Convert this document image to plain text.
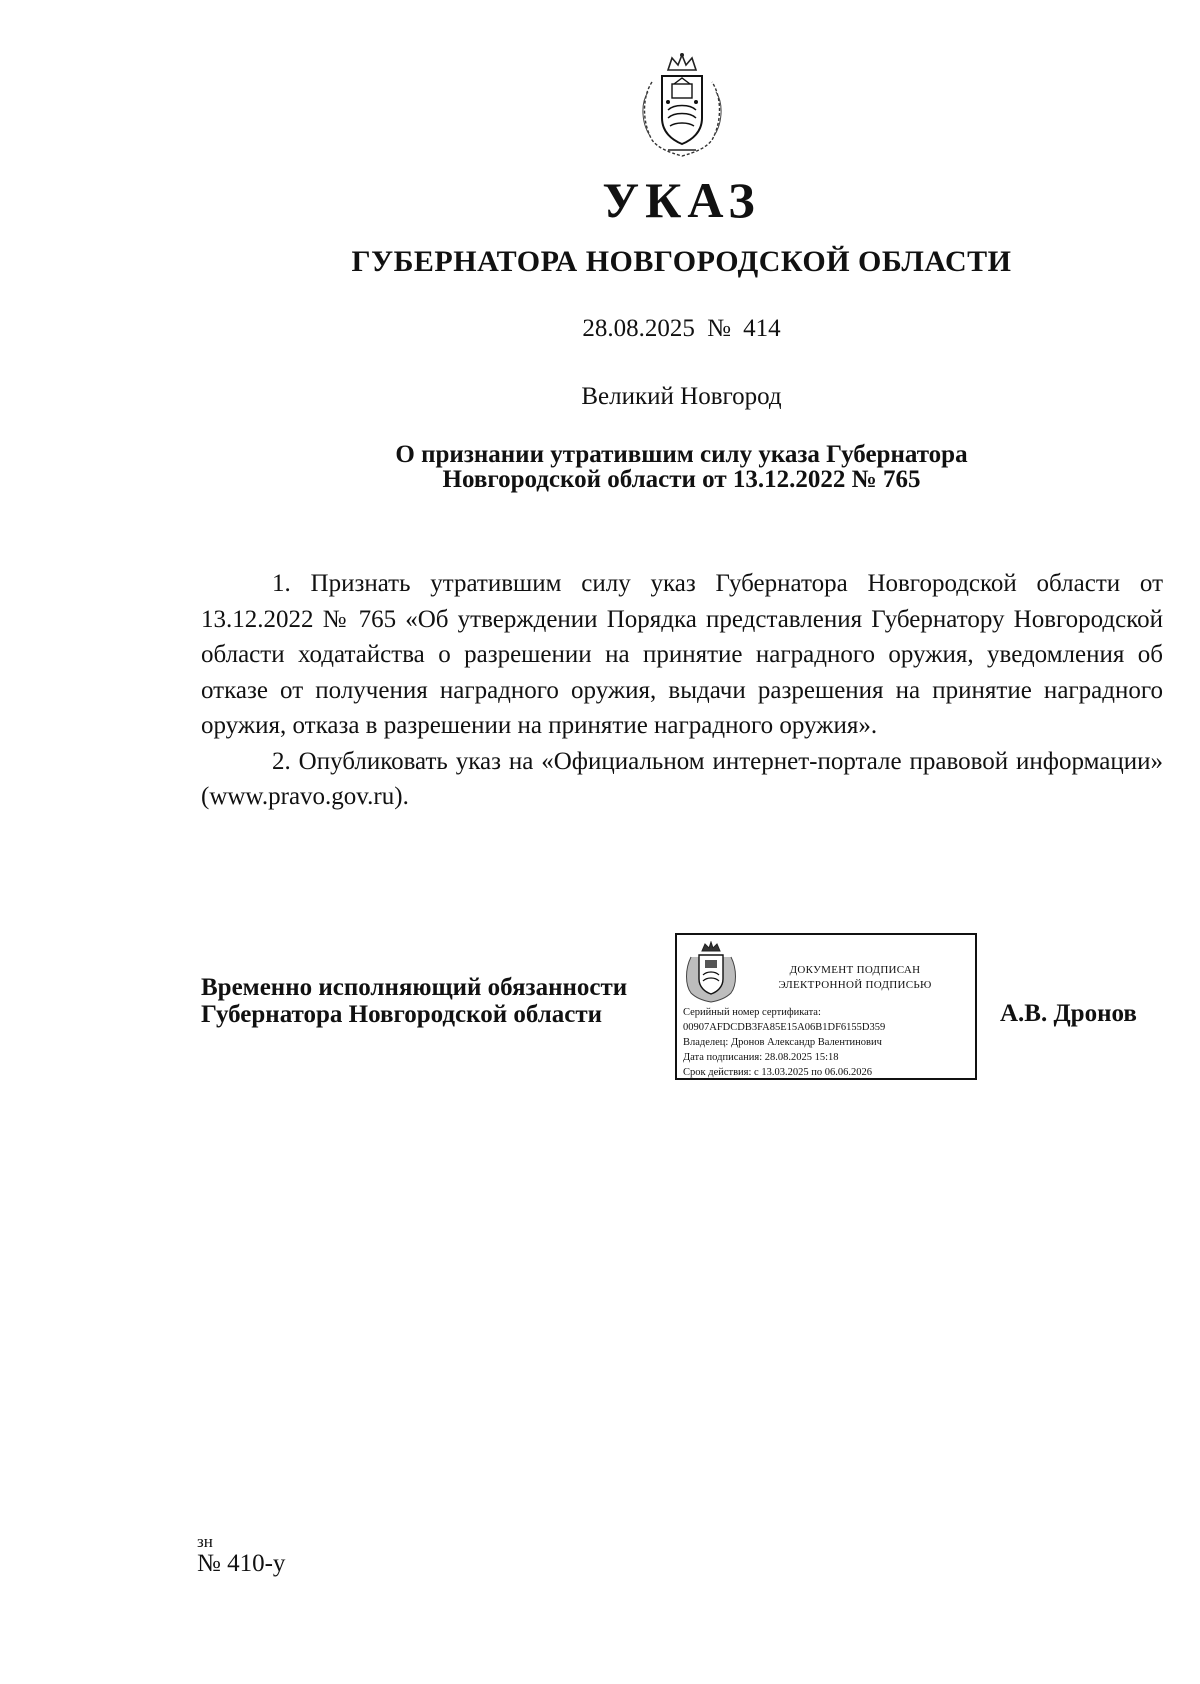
УКАЗ
ГУБЕРНАТОРА НОВГОРОДСКОЙ ОБЛАСТИ
28.08.2025 № 414
Великий Новгород
О признании утратившим силу указа Губернатора
Новгородской области от 13.12.2022 № 765

1. Признать утратившим силу указ Губернатора Новгородской области от 13.12.2022 № 765 «Об утверждении Порядка представления Губернатору Новгородской области ходатайства о разрешении на принятие наградного оружия, уведомления об отказе от получения наградного оружия, выдачи разрешения на принятие наградного оружия, отказа в разрешении на принятие наградного оружия».

2. Опубликовать указ на «Официальном интернет-портале правовой информации» (www.pravo.gov.ru).

Временно исполняющий обязанности
Губернатора Новгородской области
ДОКУМЕНТ ПОДПИСАН
ЭЛЕКТРОННОЙ ПОДПИСЬЮ
Серийный номер сертификата:
00907AFDCDB3FA85E15A06B1DF6155D359
Владелец: Дронов Александр Валентинович
Дата подписания: 28.08.2025 15:18
Срок действия: с 13.03.2025 по 06.06.2026
А.В. Дронов
зн
№ 410-у
